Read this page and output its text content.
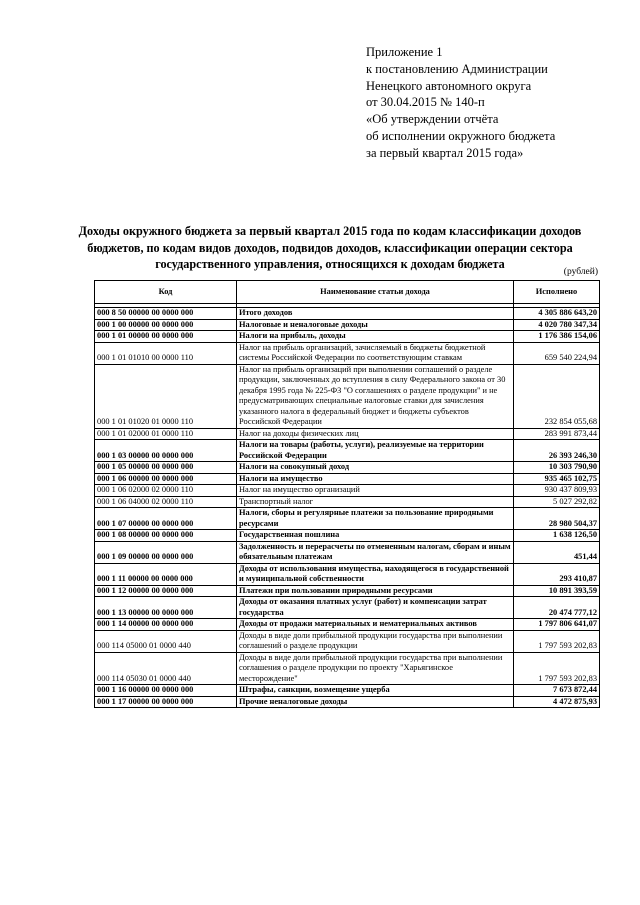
Приложение 1
к постановлению Администрации
Ненецкого автономного округа
от 30.04.2015 № 140-п
«Об утверждении отчёта
об исполнении окружного бюджета
за первый квартал 2015 года»
Доходы окружного бюджета за первый квартал 2015 года по кодам классификации доходов бюджетов, по кодам видов доходов, подвидов доходов, классификации операции сектора государственного управления, относящихся к доходам бюджета
(рублей)
Код	Наименование статьи дохода	Исполнено

000 8 50 00000 00 0000 000	Итого доходов	4 305 886 643,20
000 1 00 00000 00 0000 000	Налоговые и неналоговые доходы	4 020 780 347,34
000 1 01 00000 00 0000 000	Налоги на прибыль, доходы	1 176 386 154,06
000 1 01 01010 00 0000 110	Налог на прибыль организаций, зачисляемый в бюджеты бюджетной системы Российской Федерации по соответствующим ставкам	659 540 224,94
000 1 01 01020 01 0000 110	Налог на прибыль организаций при выполнении соглашений о разделе продукции, заключенных до вступления в силу Федерального закона от 30 декабря 1995 года № 225-ФЗ "О соглашениях о разделе продукции" и не предусматривающих специальные налоговые ставки для зачисления указанного налога в федеральный бюджет и бюджеты субъектов Российской Федерации	232 854 055,68
000 1 01 02000 01 0000 110	Налог на доходы физических лиц	283 991 873,44
000 1 03 00000 00 0000 000	Налоги на товары (работы, услуги), реализуемые на территории Российской Федерации	26 393 246,30
000 1 05 00000 00 0000 000	Налоги на совокупный доход	10 303 790,90
000 1 06 00000 00 0000 000	Налоги на имущество	935 465 102,75
000 1 06 02000 02 0000 110	Налог на имущество организаций	930 437 809,93
000 1 06 04000 02 0000 110	Транспортный налог	5 027 292,82
000 1 07 00000 00 0000 000	Налоги, сборы и регулярные платежи за пользование природными ресурсами	28 980 504,37
000 1 08 00000 00 0000 000	Государственная пошлина	1 638 126,50
000 1 09 00000 00 0000 000	Задолженность и перерасчеты по отмененным налогам, сборам и иным обязательным платежам	451,44
000 1 11 00000 00 0000 000	Доходы от использования имущества, находящегося в государственной и муниципальной собственности	293 410,87
000 1 12 00000 00 0000 000	Платежи при пользовании природными ресурсами	10 891 393,59
000 1 13 00000 00 0000 000	Доходы от оказания платных услуг (работ) и компенсации затрат государства	20 474 777,12
000 1 14 00000 00 0000 000	Доходы от продажи материальных и нематериальных активов	1 797 806 641,07
000 114 05000 01 0000 440	Доходы в виде доли прибыльной продукции государства при выполнении соглашений о разделе продукции	1 797 593 202,83
000 114 05030 01 0000 440	Доходы в виде доли прибыльной продукции государства при выполнении соглашения о разделе продукции по проекту "Харьягинское месторождение"	1 797 593 202,83
000 1 16 00000 00 0000 000	Штрафы, санкции, возмещение ущерба	7 673 872,44
000 1 17 00000 00 0000 000	Прочие неналоговые доходы	4 472 875,93
